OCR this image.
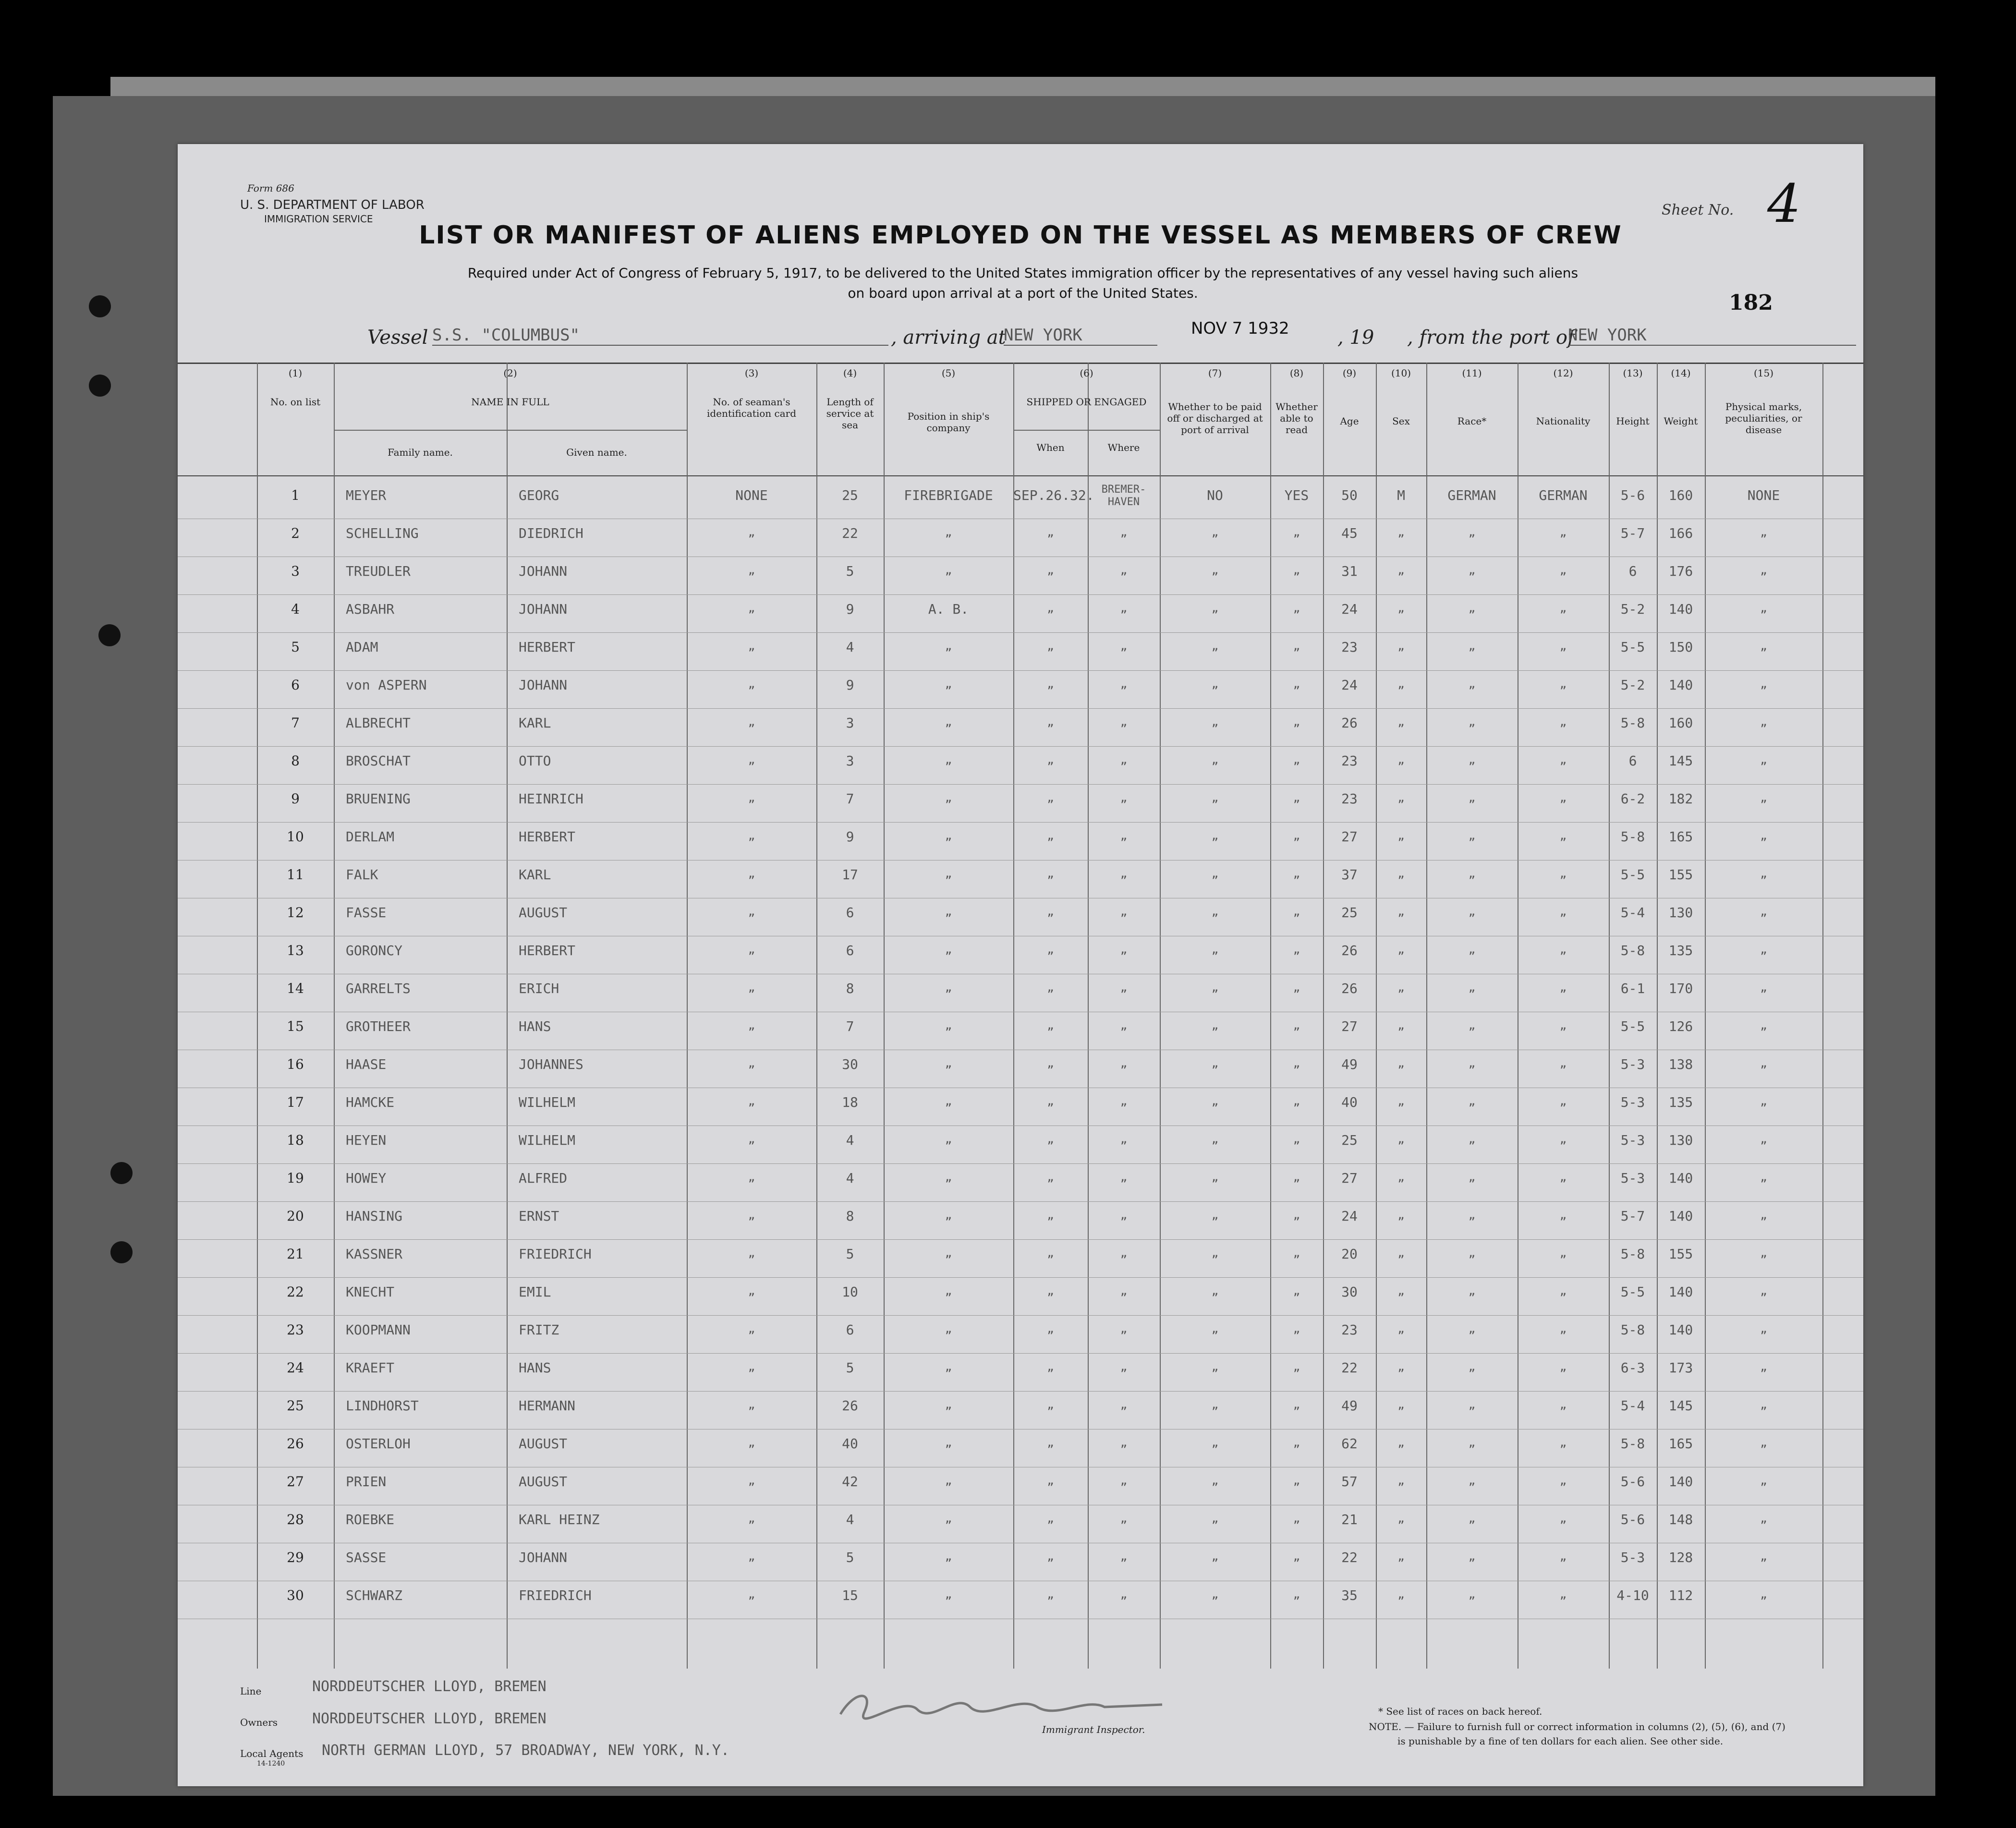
Form 686
U. S. DEPARTMENT OF LABOR
IMMIGRATION SERVICE
LIST OR MANIFEST OF ALIENS EMPLOYED ON THE VESSEL AS MEMBERS OF CREW
Required under Act of Congress of February 5, 1917, to be delivered to the United States immigration officer by the representatives of any vessel having such aliens
on board upon arrival at a port of the United States.
Sheet No. 4
182
Vessel S.S. "COLUMBUS"	, arriving at
NEW YORK	NOV 7 1932	, 19 , from the port of
NEW YORK
(1)	(2)	(3)	(4)	(5)	(6)	(7)	(8)	(9)	(10)	(11)	(12)	(13)	(14)	(15)
No. on list	NAME IN FULL
Family name.	Given name.
No. of seaman's identification card
Length of service at sea
Position in ship's company
SHIPPED OR ENGAGED
When	Where
Whether to be paid off or discharged at port of arrival
Whether able to read
Age	Sex	Race*	Nationality	Height	Weight
Physical marks, peculiarities, or disease
1	MEYER	GEORG	NONE	25	FIREBRIGADE	SEP.26.32. BREMER-HAVEN	NO	YES	50	M	GERMAN	GERMAN	5-6	160	NONE
2	SCHELLING	DIEDRICH	„	22	„	„	„	„	„	45	„	„	„	5-7	166	„
3	TREUDLER	JOHANN	„	5	„	„	„	„	„	31	„	„	„	6	176	„
4	ASBAHR	JOHANN	„	9	A. B.	„	„	„	„	24	„	„	„	5-2	140	„
5	ADAM	HERBERT	„	4	„	„	„	„	„	23	„	„	„	5-5	150	„
6	von ASPERN	JOHANN	„	9	„	„	„	„	„	24	„	„	„	5-2	140	„
7	ALBRECHT	KARL	„	3	„	„	„	„	„	26	„	„	„	5-8	160	„
8	BROSCHAT	OTTO	„	3	„	„	„	„	„	23	„	„	„	6	145	„
9	BRUENING	HEINRICH	„	7	„	„	„	„	„	23	„	„	„	6-2	182	„
10	DERLAM	HERBERT	„	9	„	„	„	„	„	27	„	„	„	5-8	165	„
11	FALK	KARL	„	17	„	„	„	„	„	37	„	„	„	5-5	155	„
12	FASSE	AUGUST	„	6	„	„	„	„	„	25	„	„	„	5-4	130	„
13	GORONCY	HERBERT	„	6	„	„	„	„	„	26	„	„	„	5-8	135	„
14	GARRELTS	ERICH	„	8	„	„	„	„	„	26	„	„	„	6-1	170	„
15	GROTHEER	HANS	„	7	„	„	„	„	„	27	„	„	„	5-5	126	„
16	HAASE	JOHANNES	„	30	„	„	„	„	„	49	„	„	„	5-3	138	„
17	HAMCKE	WILHELM	„	18	„	„	„	„	„	40	„	„	„	5-3	135	„
18	HEYEN	WILHELM	„	4	„	„	„	„	„	25	„	„	„	5-3	130	„
19	HOWEY	ALFRED	„	4	„	„	„	„	„	27	„	„	„	5-3	140	„
20	HANSING	ERNST	„	8	„	„	„	„	„	24	„	„	„	5-7	140	„
21	KASSNER	FRIEDRICH	„	5	„	„	„	„	„	20	„	„	„	5-8	155	„
22	KNECHT	EMIL	„	10	„	„	„	„	„	30	„	„	„	5-5	140	„
23	KOOPMANN	FRITZ	„	6	„	„	„	„	„	23	„	„	„	5-8	140	„
24	KRAEFT	HANS	„	5	„	„	„	„	„	22	„	„	„	6-3	173	„
25	LINDHORST	HERMANN	„	26	„	„	„	„	„	49	„	„	„	5-4	145	„
26	OSTERLOH	AUGUST	„	40	„	„	„	„	„	62	„	„	„	5-8	165	„
27	PRIEN	AUGUST	„	42	„	„	„	„	„	57	„	„	„	5-6	140	„
28	ROEBKE	KARL HEINZ	„	4	„	„	„	„	„	21	„	„	„	5-6	148	„
29	SASSE	JOHANN	„	5	„	„	„	„	„	22	„	„	„	5-3	128	„
30	SCHWARZ	FRIEDRICH	„	15	„	„	„	„	„	35	„	„	„	4-10	112	„
Line	NORDDEUTSCHER LLOYD, BREMEN
Owners NORDDEUTSCHER LLOYD, BREMEN
Local Agents NORTH GERMAN LLOYD, 57 BROADWAY, NEW YORK, N.Y.
14-1240
Immigrant Inspector.
* See list of races on back hereof.
NOTE. — Failure to furnish full or correct information in columns (2), (5), (6), and (7)
is punishable by a fine of ten dollars for each alien. See other side.
